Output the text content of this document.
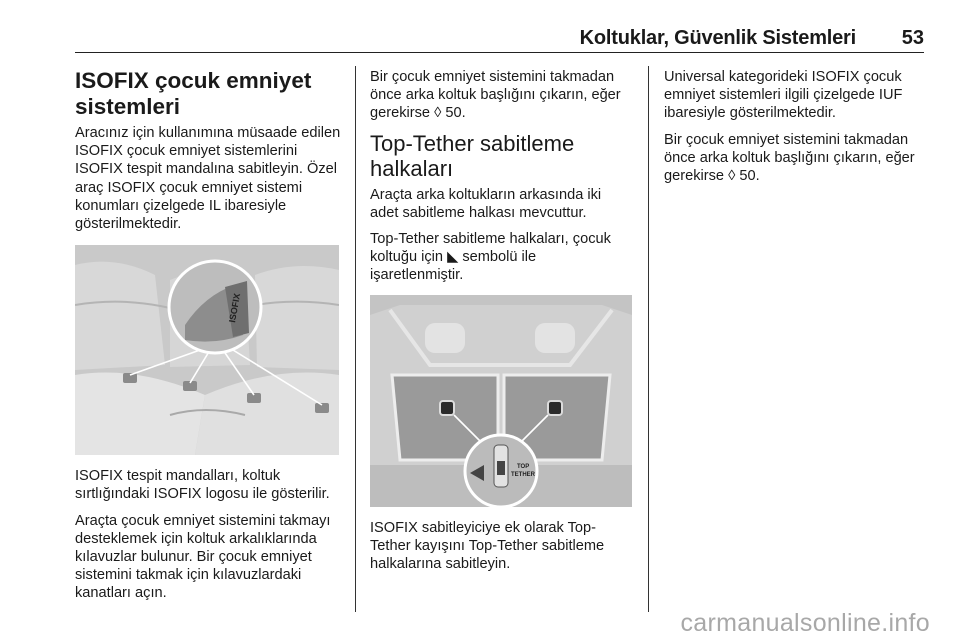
Koltuklar, Güvenlik Sistemleri 53
ISOFIX çocuk emniyet sistemleri

Aracınız için kullanımına müsaade edilen ISOFIX çocuk emniyet sistemlerini ISOFIX tespit mandalına sabitleyin. Özel araç ISOFIX çocuk emniyet sistemi konumları çizelgede IL ibaresiyle gösterilmektedir.

ISOFIX

ISOFIX tespit mandalları, koltuk sırtlığındaki ISOFIX logosu ile gösterilir.

Araçta çocuk emniyet sistemini takmayı desteklemek için koltuk arkalıklarında kılavuzlar bulunur. Bir çocuk emniyet sistemini takmak için kılavuzlardaki kanatları açın.

Bir çocuk emniyet sistemini takmadan önce arka koltuk başlığını çıkarın, eğer gerekirse ◊ 50.

Top-Tether sabitleme halkaları

Araçta arka koltukların arkasında iki adet sabitleme halkası mevcuttur.

Top-Tether sabitleme halkaları, çocuk koltuğu için ◣ sembolü ile işaretlenmiştir.

TOP
TETHER

ISOFIX sabitleyiciye ek olarak Top-Tether kayışını Top-Tether sabitleme halkalarına sabitleyin.

Universal kategorideki ISOFIX çocuk emniyet sistemleri ilgili çizelgede IUF ibaresiyle gösterilmektedir.

Bir çocuk emniyet sistemini takmadan önce arka koltuk başlığını çıkarın, eğer gerekirse ◊ 50.

carmanualsonline.info
